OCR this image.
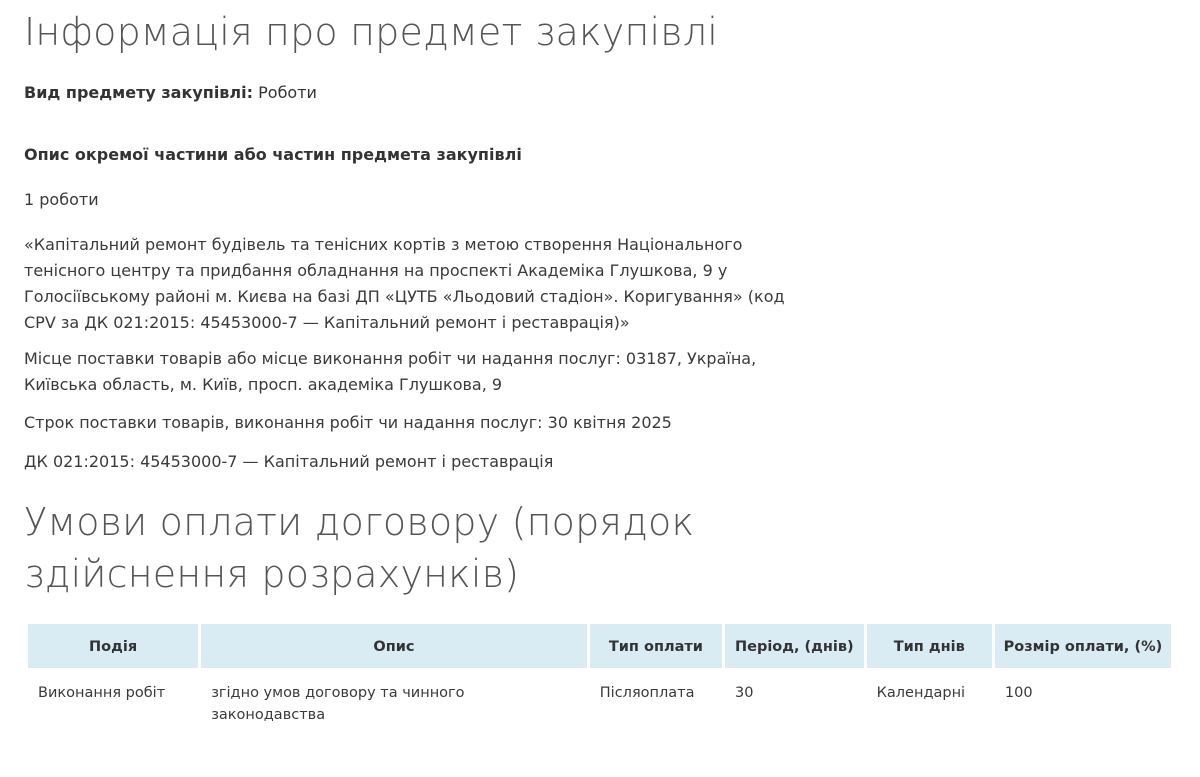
Інформація про предмет закупівлі
Вид предмету закупівлі: Роботи
Опис окремої частини або частин предмета закупівлі
1 роботи
«Капітальний ремонт будівель та тенісних кортів з метою створення Національного тенісного центру та придбання обладнання на проспекті Академіка Глушкова, 9 у Голосіївському районі м. Києва на базі ДП «ЦУТБ «Льодовий стадіон». Коригування» (код CPV за ДК 021:2015: 45453000-7 — Капітальний ремонт і реставрація)»
Місце поставки товарів або місце виконання робіт чи надання послуг: 03187, Україна, Київська область, м. Київ, просп. академіка Глушкова, 9
Строк поставки товарів, виконання робіт чи надання послуг: 30 квітня 2025
ДК 021:2015: 45453000-7 — Капітальний ремонт і реставрація
Умови оплати договору (порядок здійснення розрахунків)
Подія	Опис	Тип оплати	Період, (днів)	Тип днів	Розмір оплати, (%)
Виконання робіт	згідно умов договору та чинного законодавства	Післяоплата	30	Календарні	100
